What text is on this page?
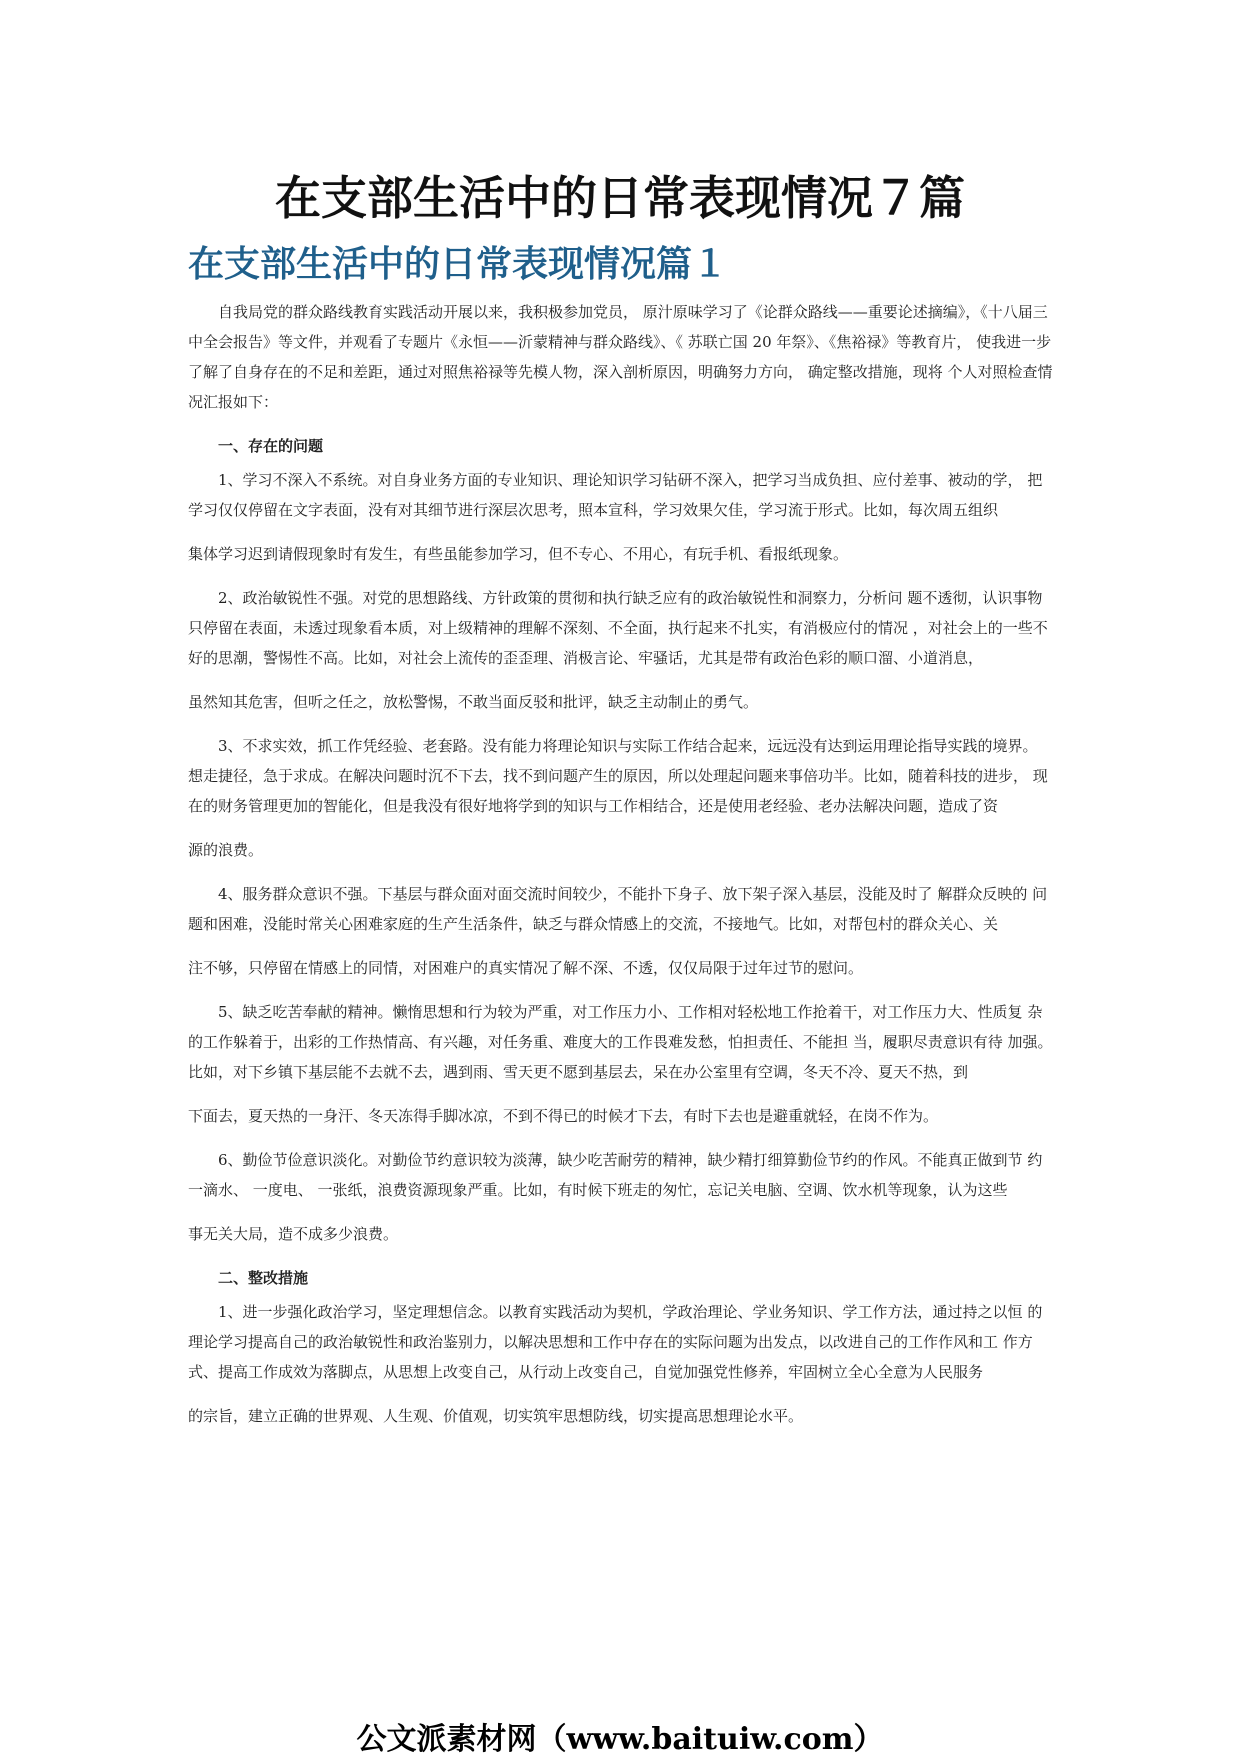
在支部生活中的日常表现情况７篇
在支部生活中的日常表现情况篇１

自我局党的群众路线教育实践活动开展以来，我积极参加党员， 原汁原味学习了《论群众路线——重要论述摘编》，《十八届三中全会报告》等文件，并观看了专题片《永恒——沂蒙精神与群众路线》、《 苏联亡国 20 年祭》、《焦裕禄》等教育片， 使我进一步了解了自身存在的不足和差距，通过对照焦裕禄等先模人物，深入剖析原因，明确努力方向， 确定整改措施，现将 个人对照检查情况汇报如下：

一、存在的问题

1、学习不深入不系统。对自身业务方面的专业知识、理论知识学习钻研不深入，把学习当成负担、应付差事、被动的学， 把学习仅仅停留在文字表面，没有对其细节进行深层次思考，照本宣科，学习效果欠佳，学习流于形式。比如，每次周五组织

集体学习迟到请假现象时有发生，有些虽能参加学习，但不专心、不用心，有玩手机、看报纸现象。

2、政治敏锐性不强。对党的思想路线、方针政策的贯彻和执行缺乏应有的政治敏锐性和洞察力，分析问 题不透彻，认识事物只停留在表面，未透过现象看本质，对上级精神的理解不深刻、不全面，执行起来不扎实，有消极应付的情况 ，对社会上的一些不好的思潮，警惕性不高。比如，对社会上流传的歪歪理、消极言论、牢骚话，尤其是带有政治色彩的顺口溜、小道消息，

虽然知其危害，但听之任之，放松警惕，不敢当面反驳和批评，缺乏主动制止的勇气。

3、不求实效，抓工作凭经验、老套路。没有能力将理论知识与实际工作结合起来，远远没有达到运用理论指导实践的境界。 想走捷径，急于求成。在解决问题时沉不下去，找不到问题产生的原因，所以处理起问题来事倍功半。比如，随着科技的进步， 现在的财务管理更加的智能化，但是我没有很好地将学到的知识与工作相结合，还是使用老经验、老办法解决问题，造成了资

源的浪费。

4、服务群众意识不强。下基层与群众面对面交流时间较少，不能扑下身子、放下架子深入基层，没能及时了 解群众反映的 问题和困难，没能时常关心困难家庭的生产生活条件，缺乏与群众情感上的交流，不接地气。比如，对帮包村的群众关心、关

注不够，只停留在情感上的同情，对困难户的真实情况了解不深、不透，仅仅局限于过年过节的慰问。

5、缺乏吃苦奉献的精神。懒惰思想和行为较为严重，对工作压力小、工作相对轻松地工作抢着干，对工作压力大、性质复 杂的工作躲着于，出彩的工作热情高、有兴趣，对任务重、难度大的工作畏难发愁，怕担责任、不能担 当，履职尽责意识有待 加强。比如，对下乡镇下基层能不去就不去，遇到雨、雪天更不愿到基层去，呆在办公室里有空调，冬天不冷、夏天不热，到

下面去，夏天热的一身汗、冬天冻得手脚冰凉，不到不得已的时候才下去，有时下去也是避重就轻，在岗不作为。

6、勤俭节俭意识淡化。对勤俭节约意识较为淡薄，缺少吃苦耐劳的精神，缺少精打细算勤俭节约的作风。不能真正做到节 约一滴水、 一度电、 一张纸，浪费资源现象严重。比如，有时候下班走的匆忙，忘记关电脑、空调、饮水机等现象，认为这些

事无关大局，造不成多少浪费。

二、整改措施

1、进一步强化政治学习，坚定理想信念。以教育实践活动为契机，学政治理论、学业务知识、学工作方法，通过持之以恒 的理论学习提高自己的政治敏锐性和政治鉴别力，以解决思想和工作中存在的实际问题为出发点，以改进自己的工作作风和工 作方式、提高工作成效为落脚点，从思想上改变自己，从行动上改变自己，自觉加强党性修养，牢固树立全心全意为人民服务

的宗旨，建立正确的世界观、人生观、价值观，切实筑牢思想防线，切实提高思想理论水平。

公文派素材网（www.baituiw.com）
